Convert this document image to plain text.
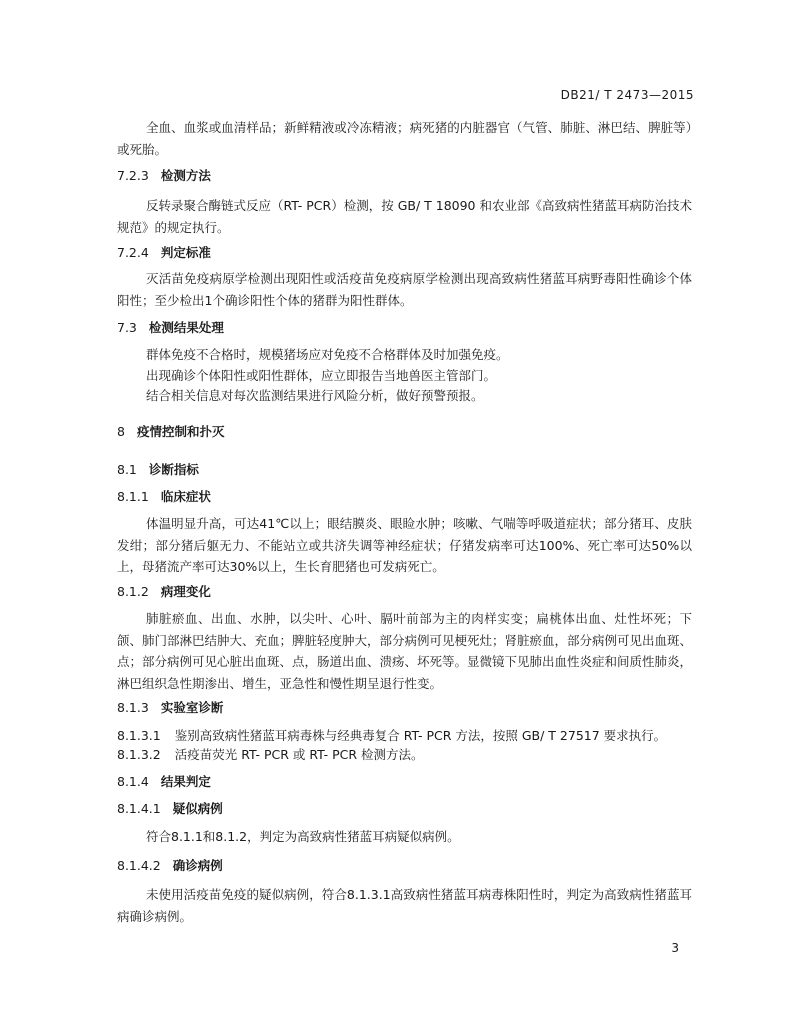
DB21/ T 2473—2015

全血、血浆或血清样品；新鲜精液或冷冻精液；病死猪的内脏器官（气管、肺脏、淋巴结、脾脏等）或死胎。

7.2.3 检测方法

反转录聚合酶链式反应（RT- PCR）检测，按 GB/ T 18090 和农业部《高致病性猪蓝耳病防治技术规范》的规定执行。

7.2.4 判定标准

灭活苗免疫病原学检测出现阳性或活疫苗免疫病原学检测出现高致病性猪蓝耳病野毒阳性确诊个体阳性；至少检出1个确诊阳性个体的猪群为阳性群体。

7.3 检测结果处理
群体免疫不合格时，规模猪场应对免疫不合格群体及时加强免疫。
出现确诊个体阳性或阳性群体，应立即报告当地兽医主管部门。
结合相关信息对每次监测结果进行风险分析，做好预警预报。
8 疫情控制和扑灭
8.1 诊断指标
8.1.1 临床症状

体温明显升高，可达41℃以上；眼结膜炎、眼睑水肿；咳嗽、气喘等呼吸道症状；部分猪耳、皮肤发绀；部分猪后躯无力、不能站立或共济失调等神经症状；仔猪发病率可达100%、死亡率可达50%以上，母猪流产率可达30%以上，生长育肥猪也可发病死亡。

8.1.2 病理变化

肺脏瘀血、出血、水肿，以尖叶、心叶、膈叶前部为主的肉样实变；扁桃体出血、灶性坏死；下颌、肺门部淋巴结肿大、充血；脾脏轻度肿大，部分病例可见梗死灶；肾脏瘀血，部分病例可见出血斑、点；部分病例可见心脏出血斑、点，肠道出血、溃疡、坏死等。显微镜下见肺出血性炎症和间质性肺炎，淋巴组织急性期渗出、增生，亚急性和慢性期呈退行性变。

8.1.3 实验室诊断
8.1.3.1 鉴别高致病性猪蓝耳病毒株与经典毒复合 RT- PCR 方法，按照 GB/ T 27517 要求执行。
8.1.3.2 活疫苗荧光 RT- PCR 或 RT- PCR 检测方法。
8.1.4 结果判定
8.1.4.1 疑似病例
符合8.1.1和8.1.2，判定为高致病性猪蓝耳病疑似病例。
8.1.4.2 确诊病例

未使用活疫苗免疫的疑似病例，符合8.1.3.1高致病性猪蓝耳病毒株阳性时，判定为高致病性猪蓝耳病确诊病例。

3
